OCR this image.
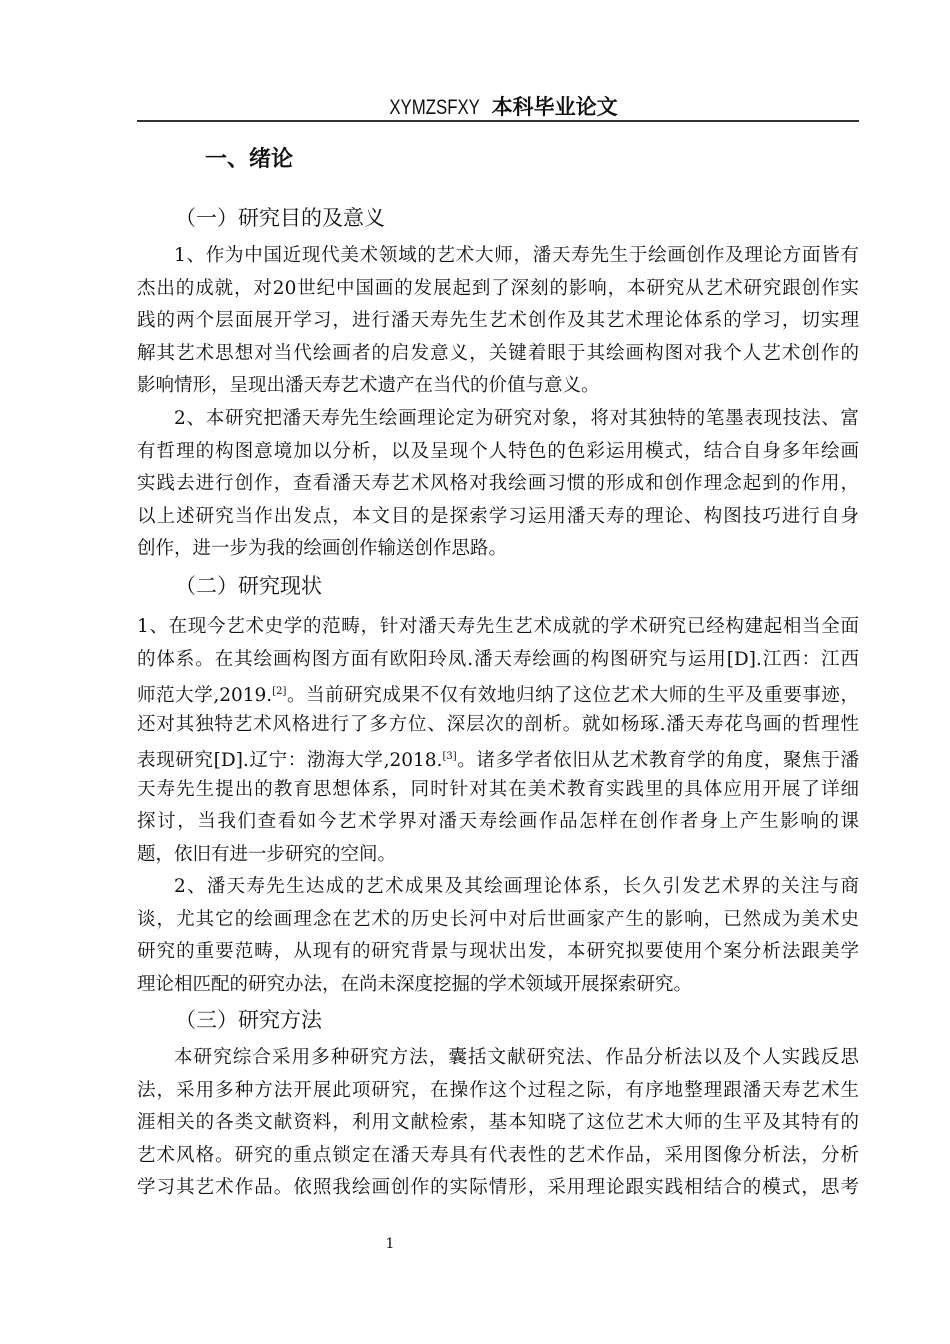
XYMZSFXY 本科毕业论文
一、绪论
（一）研究目的及意义
1、作为中国近现代美术领域的艺术大师，潘天寿先生于绘画创作及理论方面皆有
杰出的成就，对20世纪中国画的发展起到了深刻的影响，本研究从艺术研究跟创作实
践的两个层面展开学习，进行潘天寿先生艺术创作及其艺术理论体系的学习，切实理
解其艺术思想对当代绘画者的启发意义，关键着眼于其绘画构图对我个人艺术创作的
影响情形，呈现出潘天寿艺术遗产在当代的价值与意义。
2、本研究把潘天寿先生绘画理论定为研究对象，将对其独特的笔墨表现技法、富
有哲理的构图意境加以分析，以及呈现个人特色的色彩运用模式，结合自身多年绘画
实践去进行创作，查看潘天寿艺术风格对我绘画习惯的形成和创作理念起到的作用，
以上述研究当作出发点，本文目的是探索学习运用潘天寿的理论、构图技巧进行自身
创作，进一步为我的绘画创作输送创作思路。
（二）研究现状
1、在现今艺术史学的范畴，针对潘天寿先生艺术成就的学术研究已经构建起相当全面
的体系。在其绘画构图方面有欧阳玲凤.潘天寿绘画的构图研究与运用[D].江西：江西
师范大学,2019.[2]。当前研究成果不仅有效地归纳了这位艺术大师的生平及重要事迹，
还对其独特艺术风格进行了多方位、深层次的剖析。就如杨琢.潘天寿花鸟画的哲理性
表现研究[D].辽宁：渤海大学,2018.[3]。诸多学者依旧从艺术教育学的角度，聚焦于潘
天寿先生提出的教育思想体系，同时针对其在美术教育实践里的具体应用开展了详细
探讨，当我们查看如今艺术学界对潘天寿绘画作品怎样在创作者身上产生影响的课
题，依旧有进一步研究的空间。
2、潘天寿先生达成的艺术成果及其绘画理论体系，长久引发艺术界的关注与商
谈，尤其它的绘画理念在艺术的历史长河中对后世画家产生的影响，已然成为美术史
研究的重要范畴，从现有的研究背景与现状出发，本研究拟要使用个案分析法跟美学
理论相匹配的研究办法，在尚未深度挖掘的学术领域开展探索研究。
（三）研究方法
本研究综合采用多种研究方法，囊括文献研究法、作品分析法以及个人实践反思
法，采用多种方法开展此项研究，在操作这个过程之际，有序地整理跟潘天寿艺术生
涯相关的各类文献资料，利用文献检索，基本知晓了这位艺术大师的生平及其特有的
艺术风格。研究的重点锁定在潘天寿具有代表性的艺术作品，采用图像分析法，分析
学习其艺术作品。依照我绘画创作的实际情形，采用理论跟实践相结合的模式，思考
1
